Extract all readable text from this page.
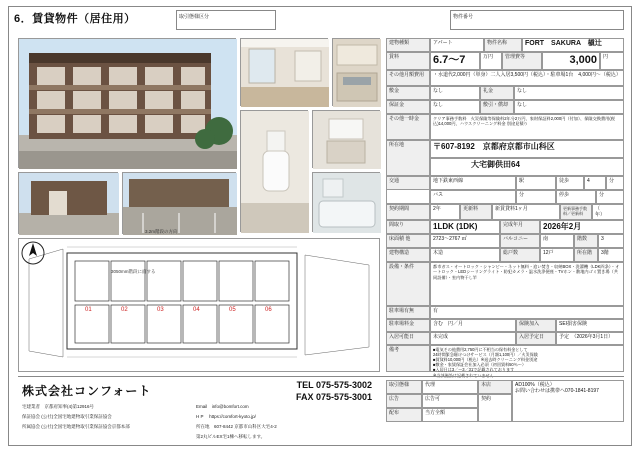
6．賃貸物件（居住用）	取引態様区分	物件番号
01	02	03	04	05	06
3.2m階段の方向
3050mm階段に面する
建物種類	アパート	物件名称	FORT　SAKURA　槇辻
賃料	6.7～7	万円	管理費等	3,000	円
その他月額費用	・水道代2,000円（単身）二人入居3,500円（税込）・駐車場1台　4,000円～（税込）
敷金	なし	礼金	なし
保証金	なし	敷引・償却	なし
その他一時金	クリア事務手数料　火災保険等保険料2年分2万円、家財保証料2,000円（付加）、保険交換費用(税込)14,000円、ハウスクリーニング料金 別途見積り
所在地	〒607-8192　京都府京都市山科区
大宅御供田64
交通	地下鉄東西線	駅	徒歩	4	分
バス	分	停歩	分
契約期間	2年	更新料	新賃貸料1ヶ月	更新事務手数料／更新料
（　　　　年）
間取り	1LDK (1DK)	完成年月	2026年2月
床面積 他	2723～2767 ㎡	バルコニー	南	階数	3
建物構造	木造	総戸数	12戸	所在階	3階
設備・条件	都市ガス・オートロック・シャンピー・ネット無料・追い焚き・収納BOX・洗濯機（LDK四条）・オートロック・LEDシーリングライト・防犯カメラ・温水洗浄便座・TVホン・敷地内ゴミ置き場（共同設備）・室内物干し竿
駐車場有無	有
駐車場料金	含む　円／月	保険加入	SEI損害保険
入居可能日	未完成	入居予定日	予定　（2026年3月1日）
備考	■電気その他費用2,750円に不相当の保有料金として
24時間緊急駆けつけサービス（月額1,100円）／火災保険
■賃貸料10,000円（税込）※退去時クリーニング料金別途
■敷金・家賃保証会社加入必須（初回賃料50％～）
■入居日は3／～3／31で記載されております
※当該施設は記載されていません
株式会社コンフォート	TEL 075-575-3002
FAX 075-575-3001
宅建業者　京都府知事(4)第12916号
保証協会 (公社)全国宅地建物取引業保証協会
所属協会 (公社)全国宅地建物取引業保証協会京都本部
Email　info@bomfort.com
H P 　https://comfort-kyoto.jp/
所在地　607-8442 京都市山科区大宅4-2
第2丸ビルEX宅1棟へ移転します。
取引態様	代理
広告	広告可
配布	当方全額
本店
契約
AD100%（税込）
お問い合わせは携帯へ070-1841-8197
